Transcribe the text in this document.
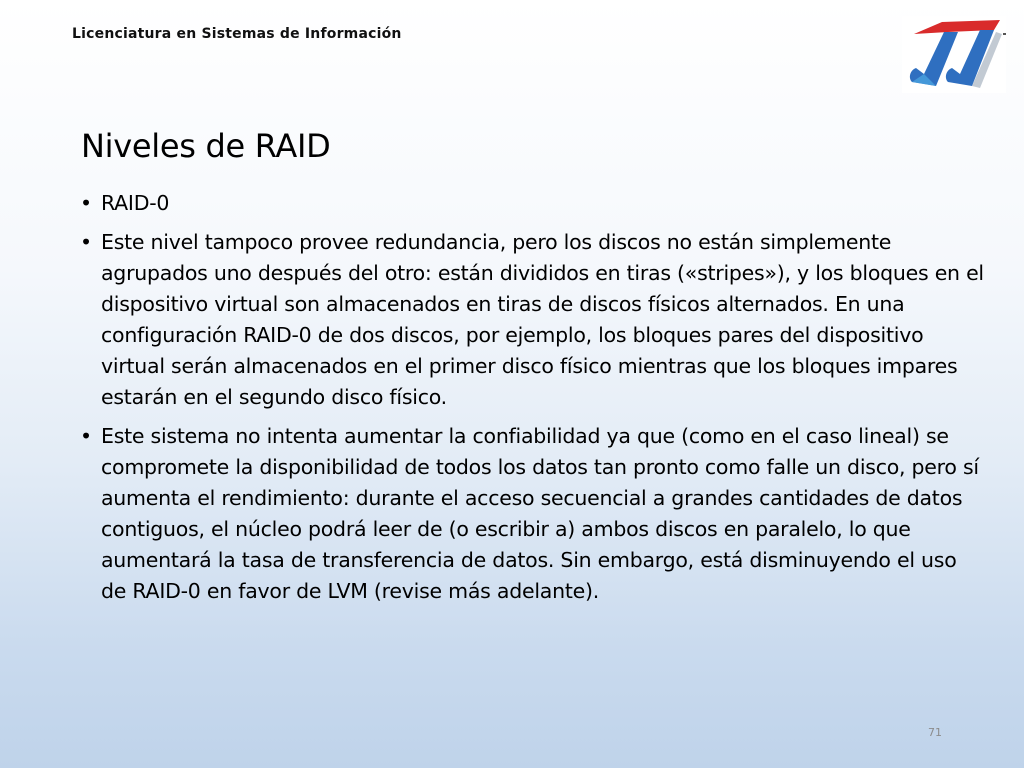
Licenciatura en Sistemas de Información
Niveles de RAID
• RAID-0
• Este nivel tampoco provee redundancia, pero los discos no están simplemente agrupados uno después del otro: están divididos en tiras («stripes»), y los bloques en el dispositivo virtual son almacenados en tiras de discos físicos alternados. En una configuración RAID-0 de dos discos, por ejemplo, los bloques pares del dispositivo virtual serán almacenados en el primer disco físico mientras que los bloques impares estarán en el segundo disco físico.
• Este sistema no intenta aumentar la confiabilidad ya que (como en el caso lineal) se compromete la disponibilidad de todos los datos tan pronto como falle un disco, pero sí aumenta el rendimiento: durante el acceso secuencial a grandes cantidades de datos contiguos, el núcleo podrá leer de (o escribir a) ambos discos en paralelo, lo que aumentará la tasa de transferencia de datos. Sin embargo, está disminuyendo el uso de RAID-0 en favor de LVM (revise más adelante).
71
